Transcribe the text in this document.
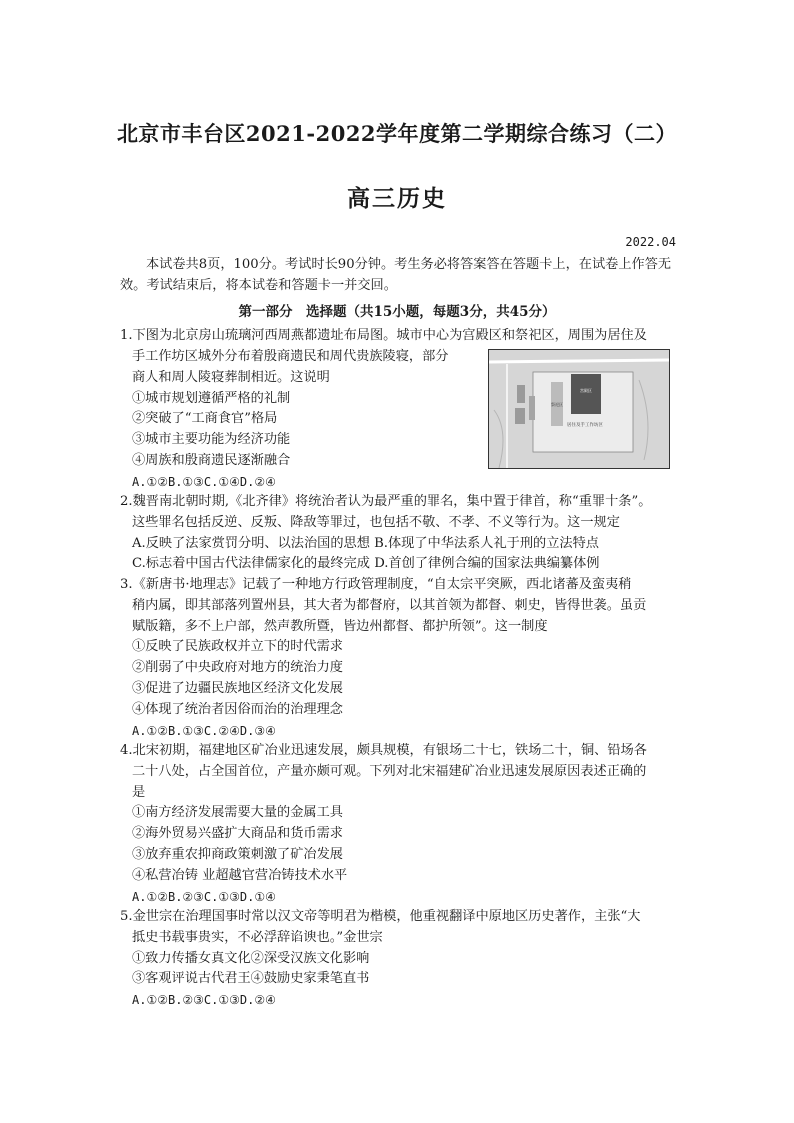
北京市丰台区2021-2022学年度第二学期综合练习（二）
高三历史
2022.04
本试卷共8页，100分。考试时长90分钟。考生务必将答案答在答题卡上，在试卷上作答无效。考试结束后，将本试卷和答题卡一并交回。
第一部分　选择题（共15小题，每题3分，共45分）
1.下图为北京房山琉璃河西周燕都遗址布局图。城市中心为宫殿区和祭祀区，周围为居住及
手工作坊区城外分布着殷商遗民和周代贵族陵寝，部分
商人和周人陵寝葬制相近。这说明
①城市规划遵循严格的礼制
②突破了“工商食官”格局
③城市主要功能为经济功能
④周族和殷商遗民逐渐融合
A.①②B.①③C.①④D.②④
宫殿区
祭祀区
居住及手工作坊区
2.魏晋南北朝时期,《北齐律》将统治者认为最严重的罪名，集中置于律首，称“重罪十条”。
这些罪名包括反逆、反叛、降敌等罪过，也包括不敬、不孝、不义等行为。这一规定
A.反映了法家赏罚分明、以法治国的思想 B.体现了中华法系人礼于刑的立法特点
C.标志着中国古代法律儒家化的最终完成 D.首创了律例合编的国家法典编纂体例
3.《新唐书·地理志》记载了一种地方行政管理制度，“自太宗平突厥，西北诸蕃及蛮夷稍
稍内属，即其部落列置州县，其大者为都督府，以其首领为都督、刺史，皆得世袭。虽贡
赋版籍，多不上户部，然声教所暨，皆边州都督、都护所领”。这一制度
①反映了民族政权并立下的时代需求
②削弱了中央政府对地方的统治力度
③促进了边疆民族地区经济文化发展
④体现了统治者因俗而治的治理理念
A.①②B.①③C.②④D.③④
4.北宋初期，福建地区矿冶业迅速发展，颇具规模，有银场二十七，铁场二十，铜、铅场各
二十八处，占全国首位，产量亦颇可观。下列对北宋福建矿冶业迅速发展原因表述正确的
是
①南方经济发展需要大量的金属工具
②海外贸易兴盛扩大商品和货币需求
③放弃重农抑商政策刺激了矿冶发展
④私营冶铸 业超越官营冶铸技术水平
A.①②B.②③C.①③D.①④
5.金世宗在治理国事时常以汉文帝等明君为楷模，他重视翻译中原地区历史著作，主张“大
抵史书载事贵实，不必浮辞谄谀也。”金世宗
①致力传播女真文化②深受汉族文化影响
③客观评说古代君王④鼓励史家秉笔直书
A.①②B.②③C.①③D.②④
